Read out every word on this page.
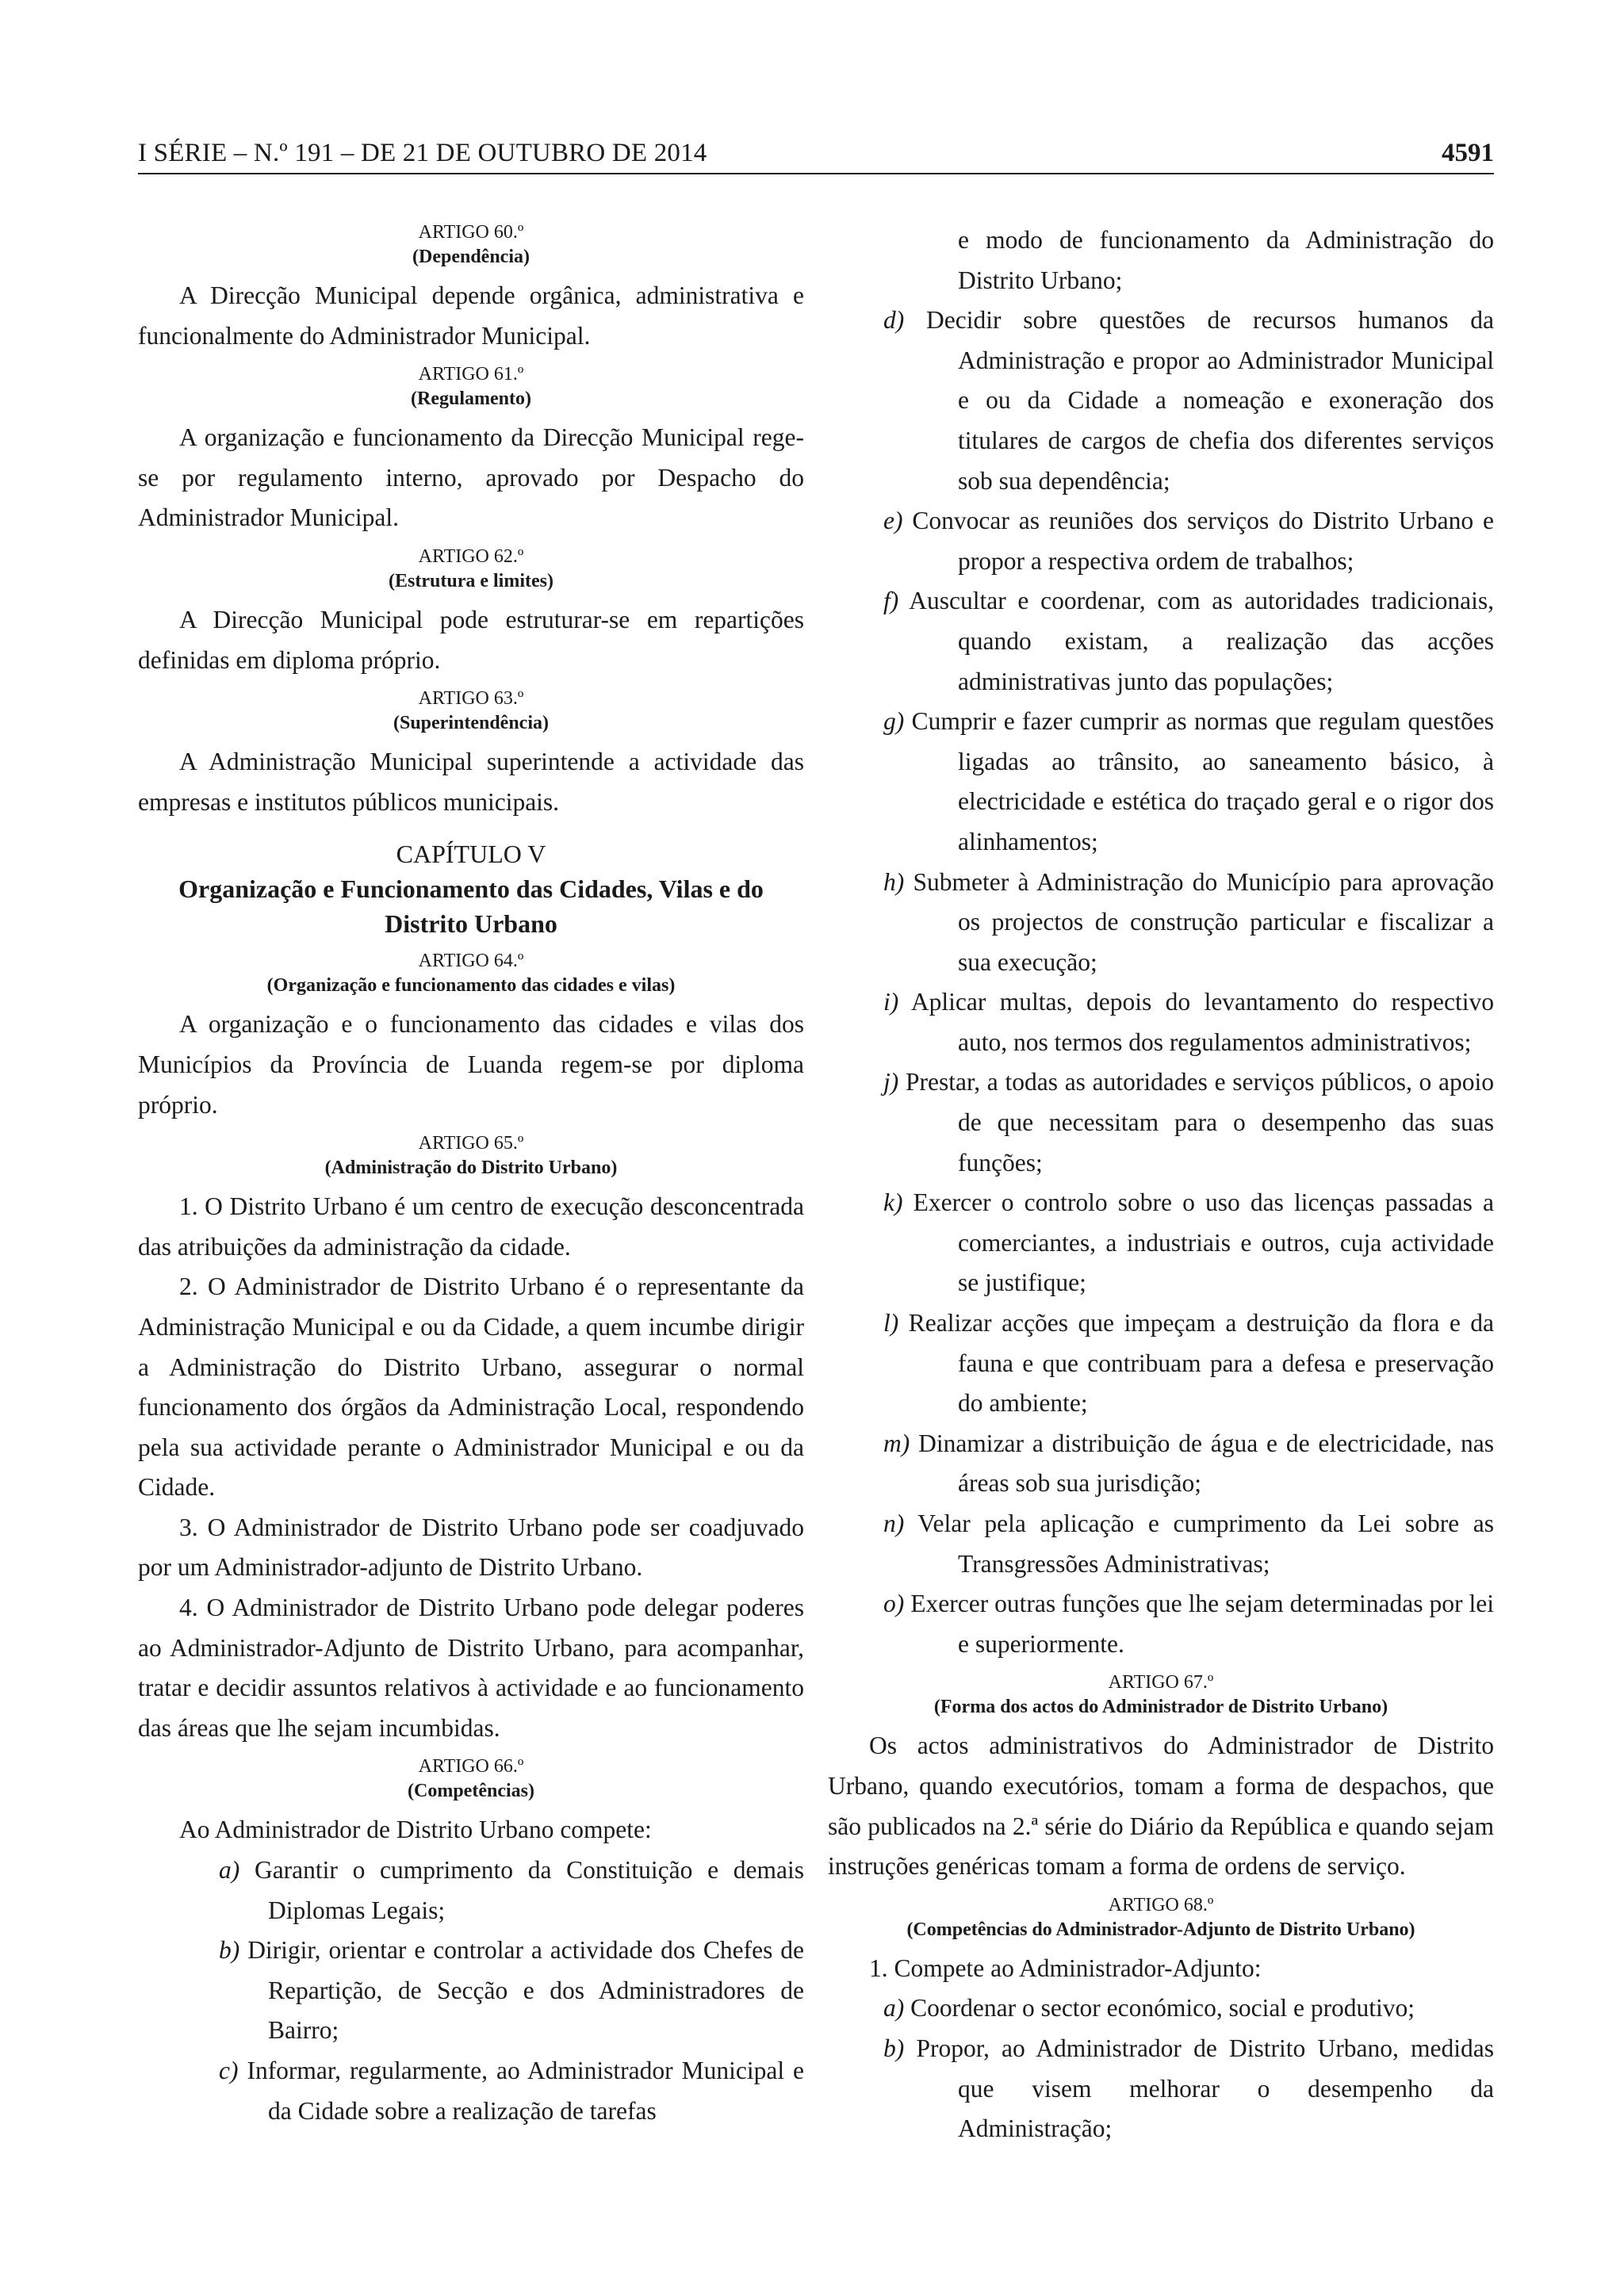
I SÉRIE – N.º 191 – DE 21 DE OUTUBRO DE 2014	4591
ARTIGO 60.º
(Dependência)

A Direcção Municipal depende orgânica, administrativa e funcionalmente do Administrador Municipal.

ARTIGO 61.º
(Regulamento)

A organização e funcionamento da Direcção Municipal rege-se por regulamento interno, aprovado por Despacho do Administrador Municipal.

ARTIGO 62.º
(Estrutura e limites)

A Direcção Municipal pode estruturar-se em repartições definidas em diploma próprio.

ARTIGO 63.º
(Superintendência)

A Administração Municipal superintende a actividade das empresas e institutos públicos municipais.

CAPÍTULO V
Organização e Funcionamento das Cidades, Vilas e do Distrito Urbano
ARTIGO 64.º
(Organização e funcionamento das cidades e vilas)

A organização e o funcionamento das cidades e vilas dos Municípios da Província de Luanda regem-se por diploma próprio.

ARTIGO 65.º
(Administração do Distrito Urbano)

1. O Distrito Urbano é um centro de execução desconcentrada das atribuições da administração da cidade.

2. O Administrador de Distrito Urbano é o representante da Administração Municipal e ou da Cidade, a quem incumbe dirigir a Administração do Distrito Urbano, assegurar o normal funcionamento dos órgãos da Administração Local, respondendo pela sua actividade perante o Administrador Municipal e ou da Cidade.

3. O Administrador de Distrito Urbano pode ser coadjuvado por um Administrador-adjunto de Distrito Urbano.

4. O Administrador de Distrito Urbano pode delegar poderes ao Administrador-Adjunto de Distrito Urbano, para acompanhar, tratar e decidir assuntos relativos à actividade e ao funcionamento das áreas que lhe sejam incumbidas.

ARTIGO 66.º
(Competências)

Ao Administrador de Distrito Urbano compete:

a) Garantir o cumprimento da Constituição e demais Diplomas Legais;

b) Dirigir, orientar e controlar a actividade dos Chefes de Repartição, de Secção e dos Administradores de Bairro;

c) Informar, regularmente, ao Administrador Municipal e da Cidade sobre a realização de tarefas

e modo de funcionamento da Administração do Distrito Urbano;

d) Decidir sobre questões de recursos humanos da Administração e propor ao Administrador Municipal e ou da Cidade a nomeação e exoneração dos titulares de cargos de chefia dos diferentes serviços sob sua dependência;

e) Convocar as reuniões dos serviços do Distrito Urbano e propor a respectiva ordem de trabalhos;

f) Auscultar e coordenar, com as autoridades tradicionais, quando existam, a realização das acções administrativas junto das populações;

g) Cumprir e fazer cumprir as normas que regulam questões ligadas ao trânsito, ao saneamento básico, à electricidade e estética do traçado geral e o rigor dos alinhamentos;

h) Submeter à Administração do Município para aprovação os projectos de construção particular e fiscalizar a sua execução;

i) Aplicar multas, depois do levantamento do respectivo auto, nos termos dos regulamentos administrativos;

j) Prestar, a todas as autoridades e serviços públicos, o apoio de que necessitam para o desempenho das suas funções;

k) Exercer o controlo sobre o uso das licenças passadas a comerciantes, a industriais e outros, cuja actividade se justifique;

l) Realizar acções que impeçam a destruição da flora e da fauna e que contribuam para a defesa e preservação do ambiente;

m) Dinamizar a distribuição de água e de electricidade, nas áreas sob sua jurisdição;

n) Velar pela aplicação e cumprimento da Lei sobre as Transgressões Administrativas;

o) Exercer outras funções que lhe sejam determinadas por lei e superiormente.

ARTIGO 67.º
(Forma dos actos do Administrador de Distrito Urbano)

Os actos administrativos do Administrador de Distrito Urbano, quando executórios, tomam a forma de despachos, que são publicados na 2.ª série do Diário da República e quando sejam instruções genéricas tomam a forma de ordens de serviço.

ARTIGO 68.º
(Competências do Administrador-Adjunto de Distrito Urbano)

1. Compete ao Administrador-Adjunto:

a) Coordenar o sector económico, social e produtivo;

b) Propor, ao Administrador de Distrito Urbano, medidas que visem melhorar o desempenho da Administração;
